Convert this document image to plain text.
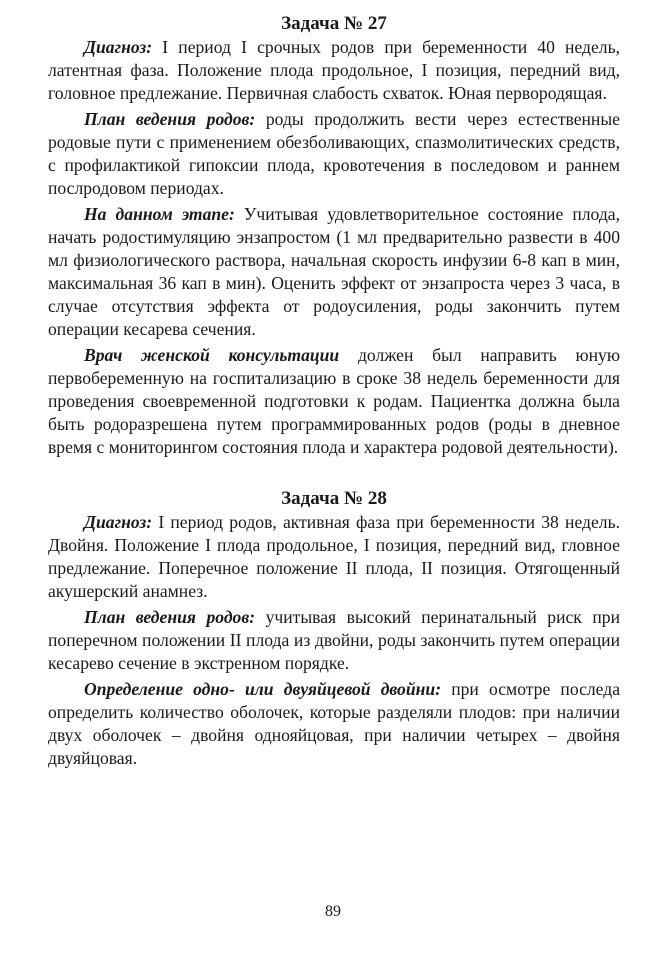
Задача № 27

Диагноз: I период I срочных родов при беременности 40 недель, латентная фаза. Положение плода продольное, I позиция, передний вид, головное предлежание. Первичная слабость схваток. Юная первородящая.

План ведения родов: роды продолжить вести через естественные родовые пути с применением обезболивающих, спазмолитических средств, с профилактикой гипоксии плода, кровотечения в последовом и раннем послродовом периодах.

На данном этапе: Учитывая удовлетворительное состояние плода, начать родостимуляцию энзапростом (1 мл предварительно развести в 400 мл физиологического раствора, начальная скорость инфузии 6-8 кап в мин, максимальная 36 кап в мин). Оценить эффект от энзапроста через 3 часа, в случае отсутствия эффекта от родоусиления, роды закончить путем операции кесарева сечения.

Врач женской консультации должен был направить юную первобеременную на госпитализацию в сроке 38 недель беременности для проведения своевременной подготовки к родам. Пациентка должна была быть родоразрешена путем программированных родов (роды в дневное время с мониторингом состояния плода и характера родовой деятельности).

Задача № 28

Диагноз: I период родов, активная фаза при беременности 38 недель. Двойня. Положение I плода продольное, I позиция, передний вид, гловное предлежание. Поперечное положение II плода, II позиция. Отягощенный акушерский анамнез.

План ведения родов: учитывая высокий перинатальный риск при поперечном положении II плода из двойни, роды закончить путем операции кесарево сечение в экстренном порядке.

Определение одно- или двуяйцевой двойни: при осмотре последа определить количество оболочек, которые разделяли плодов: при наличии двух оболочек – двойня однояйцовая, при наличии четырех – двойня двуяйцовая.

89
